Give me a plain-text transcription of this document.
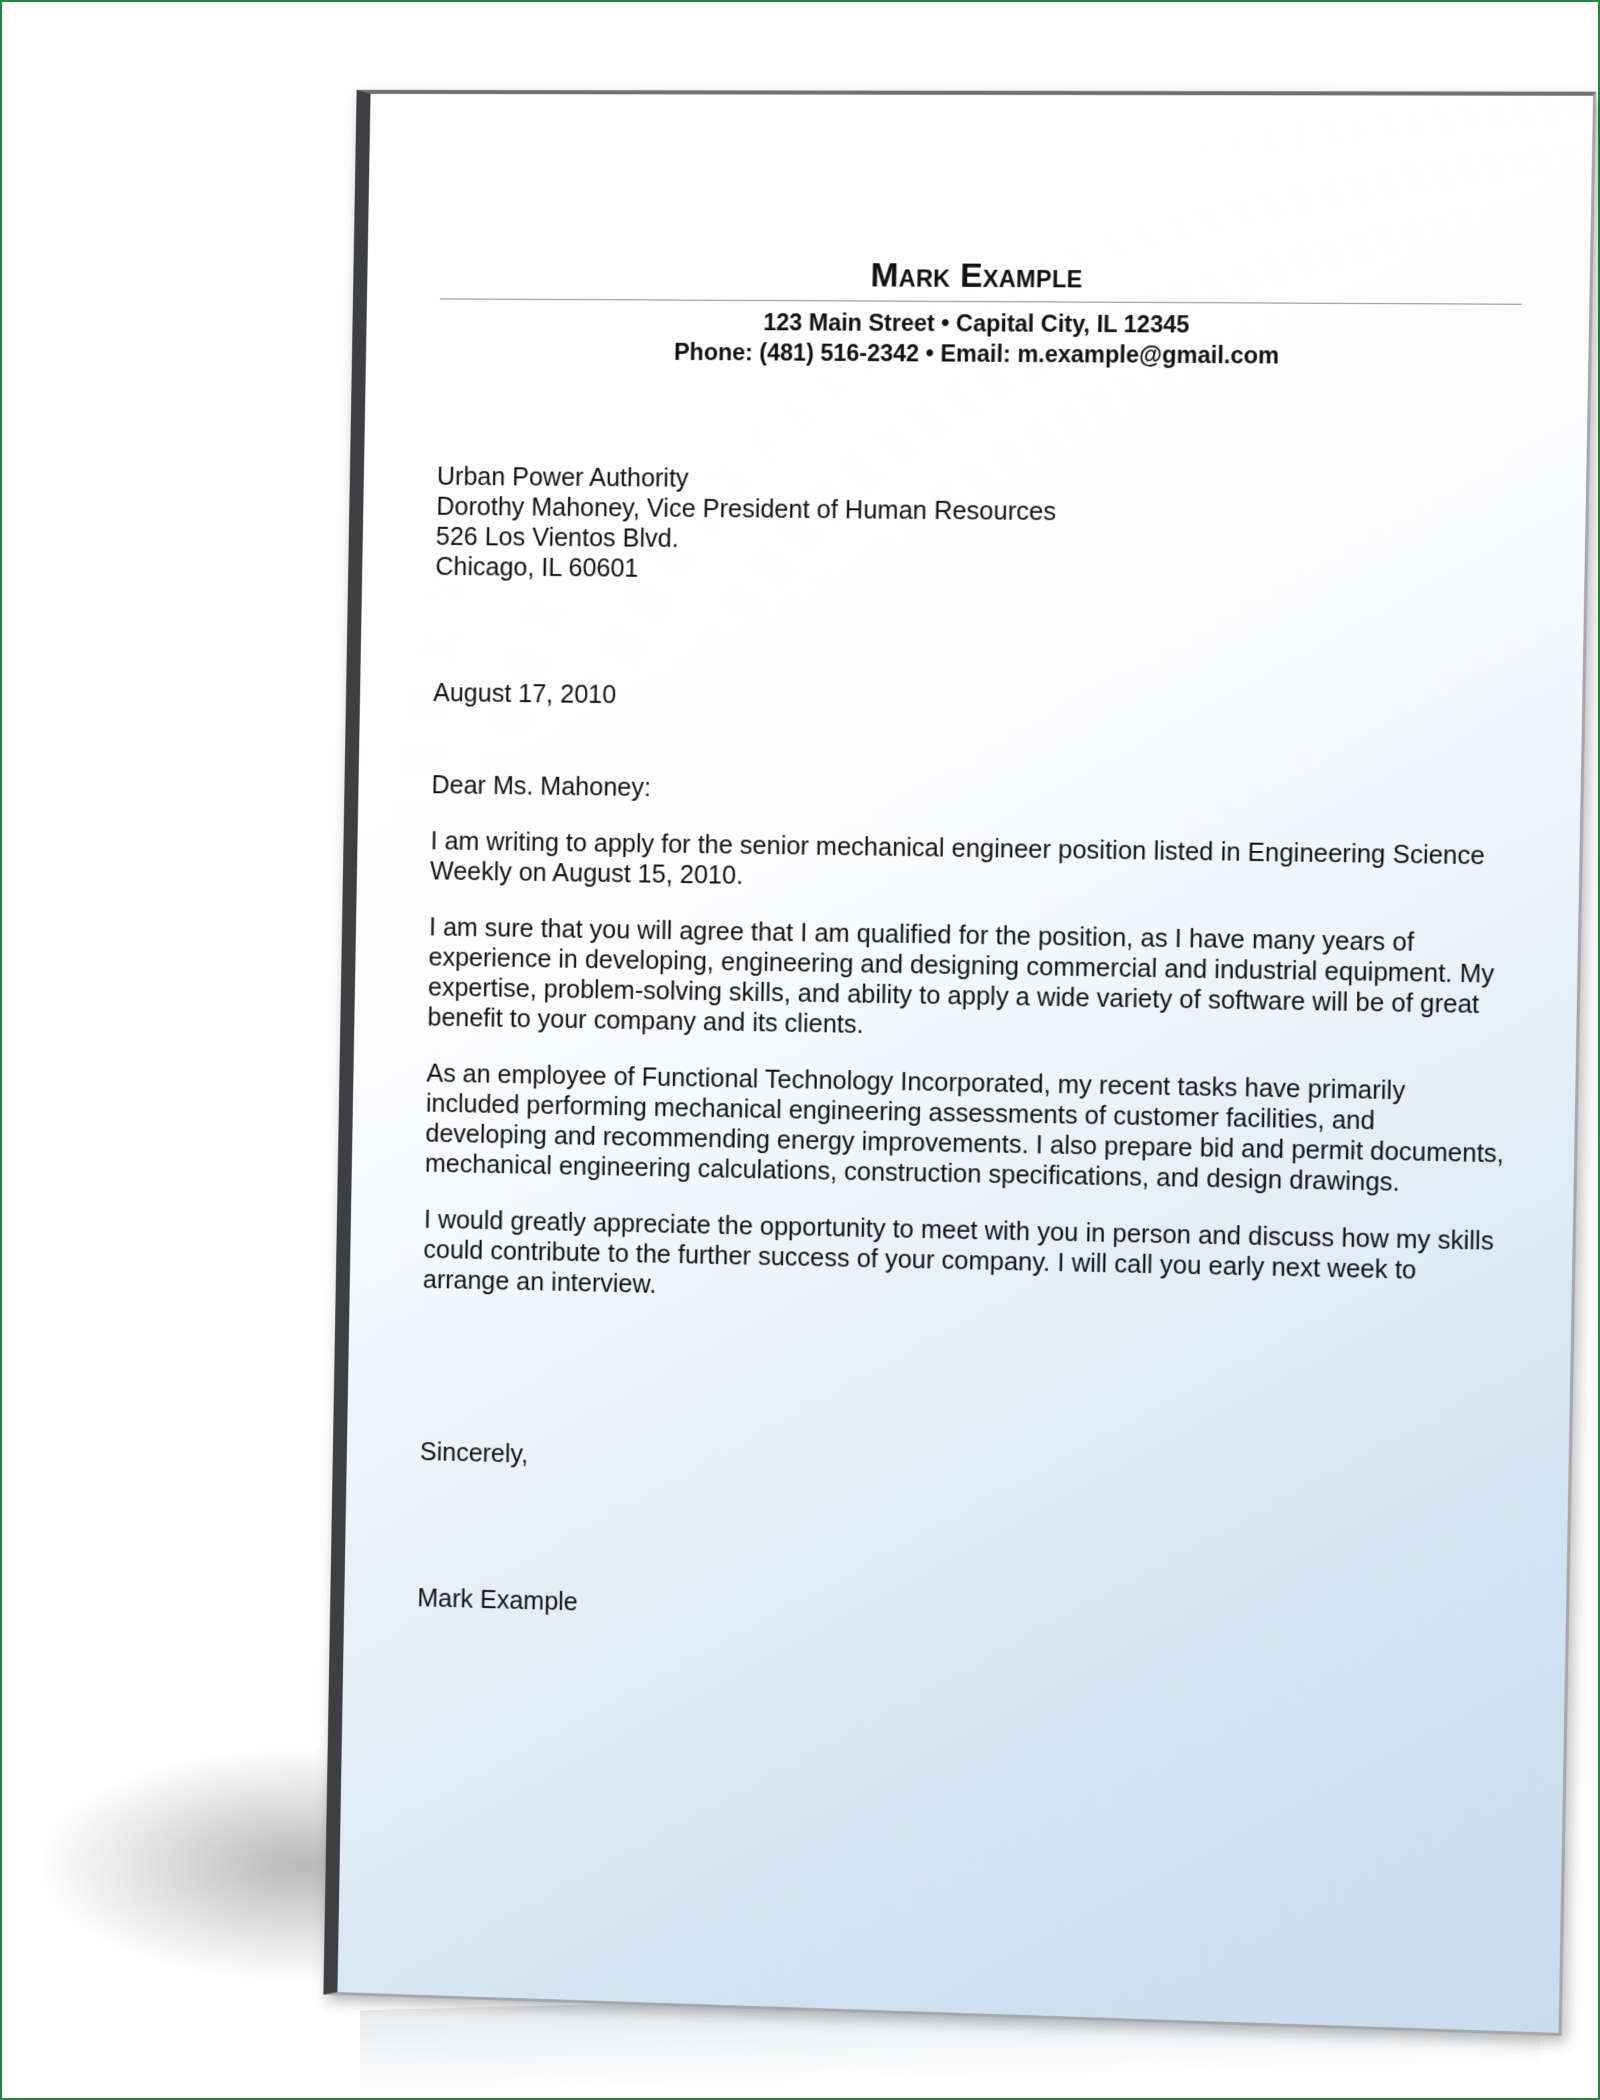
Mark Example
123 Main Street • Capital City, IL 12345
Phone: (481) 516-2342 • Email: m.example@gmail.com
Urban Power Authority
Dorothy Mahoney, Vice President of Human Resources
526 Los Vientos Blvd.
Chicago, IL 60601
August 17, 2010
Dear Ms. Mahoney:
I am writing to apply for the senior mechanical engineer position listed in Engineering Science Weekly on August 15, 2010.
I am sure that you will agree that I am qualified for the position, as I have many years of experience in developing, engineering and designing commercial and industrial equipment. My expertise, problem-solving skills, and ability to apply a wide variety of software will be of great benefit to your company and its clients.
As an employee of Functional Technology Incorporated, my recent tasks have primarily included performing mechanical engineering assessments of customer facilities, and developing and recommending energy improvements. I also prepare bid and permit documents, mechanical engineering calculations, construction specifications, and design drawings.
I would greatly appreciate the opportunity to meet with you in person and discuss how my skills could contribute to the further success of your company. I will call you early next week to arrange an interview.
Sincerely,
Mark Example
